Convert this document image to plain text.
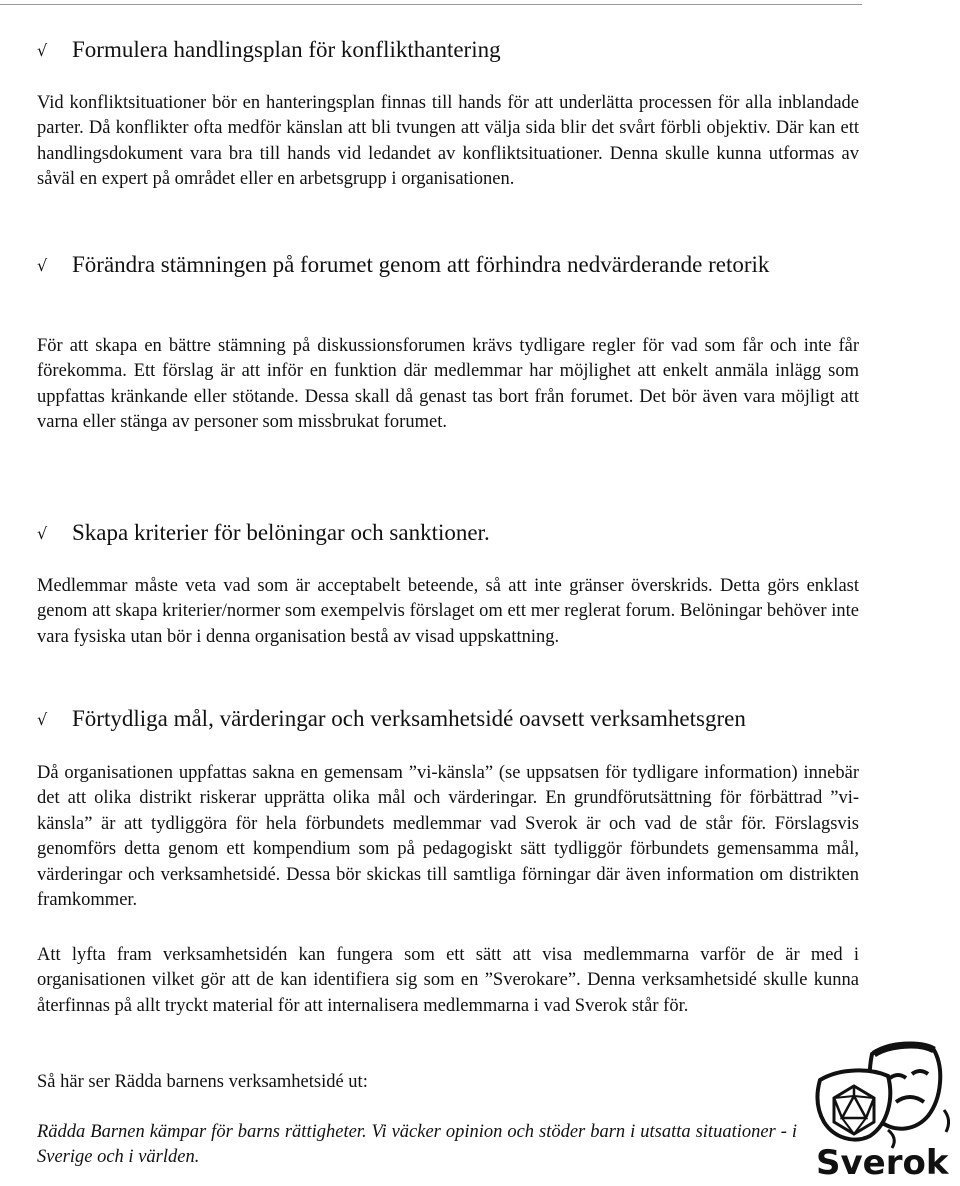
√ Formulera handlingsplan för konflikthantering

Vid konfliktsituationer bör en hanteringsplan finnas till hands för att underlätta processen för alla inblandade parter. Då konflikter ofta medför känslan att bli tvungen att välja sida blir det svårt förbli objektiv. Där kan ett handlingsdokument vara bra till hands vid ledandet av konfliktsituationer. Denna skulle kunna utformas av såväl en expert på området eller en arbetsgrupp i organisationen.

√ Förändra stämningen på forumet genom att förhindra nedvärderande retorik

För att skapa en bättre stämning på diskussionsforumen krävs tydligare regler för vad som får och inte får förekomma. Ett förslag är att inför en funktion där medlemmar har möjlighet att enkelt anmäla inlägg som uppfattas kränkande eller stötande. Dessa skall då genast tas bort från forumet. Det bör även vara möjligt att varna eller stänga av personer som missbrukat forumet.

√ Skapa kriterier för belöningar och sanktioner.

Medlemmar måste veta vad som är acceptabelt beteende, så att inte gränser överskrids. Detta görs enklast genom att skapa kriterier/normer som exempelvis förslaget om ett mer reglerat forum. Belöningar behöver inte vara fysiska utan bör i denna organisation bestå av visad uppskattning.

√ Förtydliga mål, värderingar och verksamhetsidé oavsett verksamhetsgren

Då organisationen uppfattas sakna en gemensam ”vi-känsla” (se uppsatsen för tydligare information) innebär det att olika distrikt riskerar upprätta olika mål och värderingar. En grundförutsättning för förbättrad ”vi-känsla” är att tydliggöra för hela förbundets medlemmar vad Sverok är och vad de står för. Förslagsvis genomförs detta genom ett kompendium som på pedagogiskt sätt tydliggör förbundets gemensamma mål, värderingar och verksamhetsidé. Dessa bör skickas till samtliga förningar där även information om distrikten framkommer.

Att lyfta fram verksamhetsidén kan fungera som ett sätt att visa medlemmarna varför de är med i organisationen vilket gör att de kan identifiera sig som en ”Sverokare”. Denna verksamhetsidé skulle kunna återfinnas på allt tryckt material för att internalisera medlemmarna i vad Sverok står för.

Så här ser Rädda barnens verksamhetsidé ut:

Rädda Barnen kämpar för barns rättigheter. Vi väcker opinion och stöder barn i utsatta situationer - i Sverige och i världen.	Sverok
